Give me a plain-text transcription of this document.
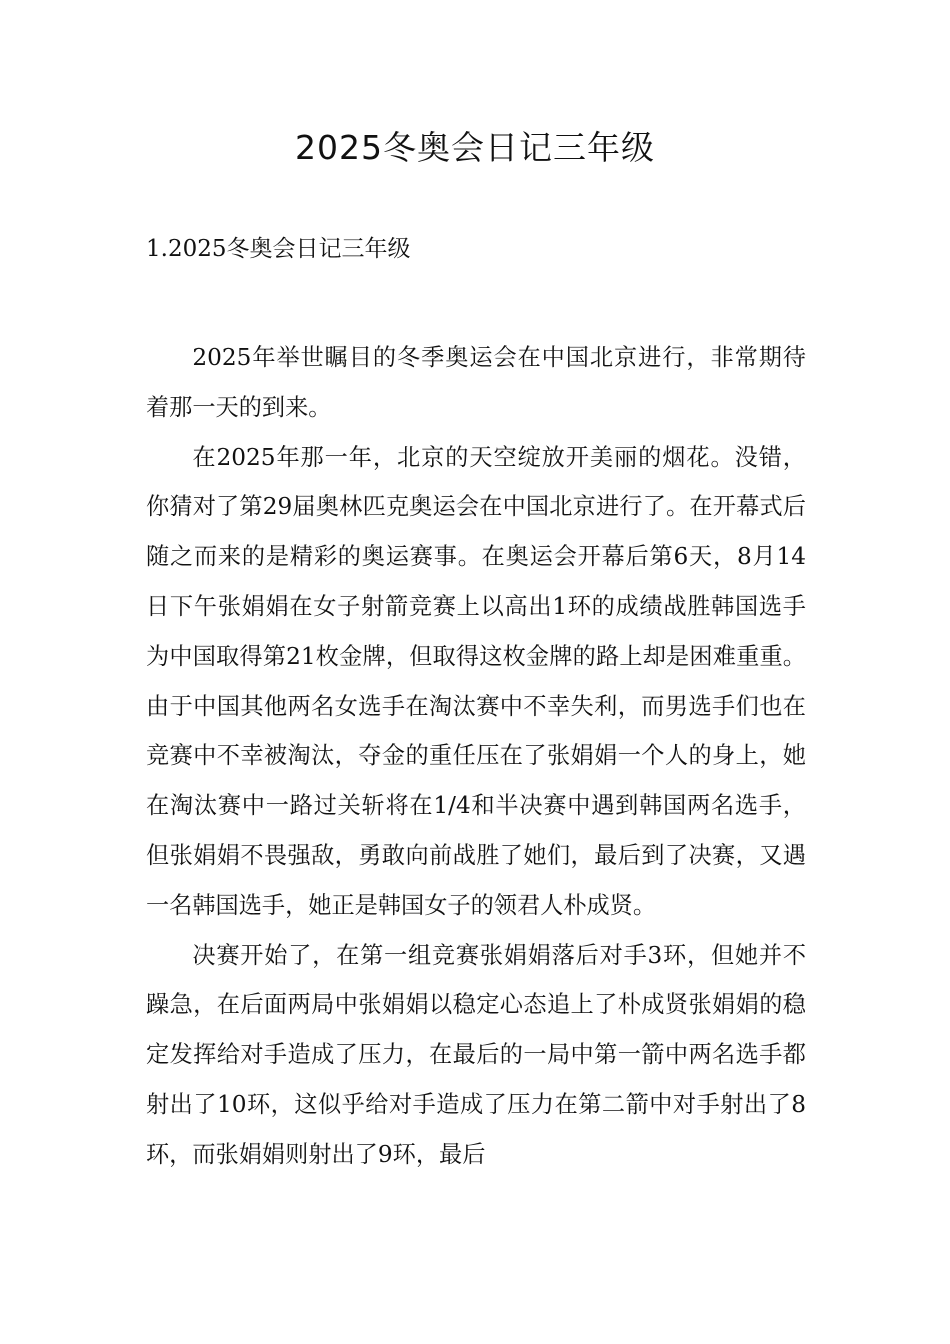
2025冬奥会日记三年级
1.2025冬奥会日记三年级

2025年举世瞩目的冬季奥运会在中国北京进行，非常期待着那一天的到来。

在2025年那一年，北京的天空绽放开美丽的烟花。没错，你猜对了第29届奥林匹克奥运会在中国北京进行了。在开幕式后随之而来的是精彩的奥运赛事。在奥运会开幕后第6天，8月14日下午张娟娟在女子射箭竞赛上以高出1环的成绩战胜韩国选手为中国取得第21枚金牌，但取得这枚金牌的路上却是困难重重。由于中国其他两名女选手在淘汰赛中不幸失利，而男选手们也在竞赛中不幸被淘汰，夺金的重任压在了张娟娟一个人的身上，她在淘汰赛中一路过关斩将在1/4和半决赛中遇到韩国两名选手，但张娟娟不畏强敌，勇敢向前战胜了她们，最后到了决赛，又遇一名韩国选手，她正是韩国女子的领君人朴成贤。

决赛开始了，在第一组竞赛张娟娟落后对手3环，但她并不躁急，在后面两局中张娟娟以稳定心态追上了朴成贤张娟娟的稳定发挥给对手造成了压力，在最后的一局中第一箭中两名选手都射出了10环，这似乎给对手造成了压力在第二箭中对手射出了8环，而张娟娟则射出了9环，最后
